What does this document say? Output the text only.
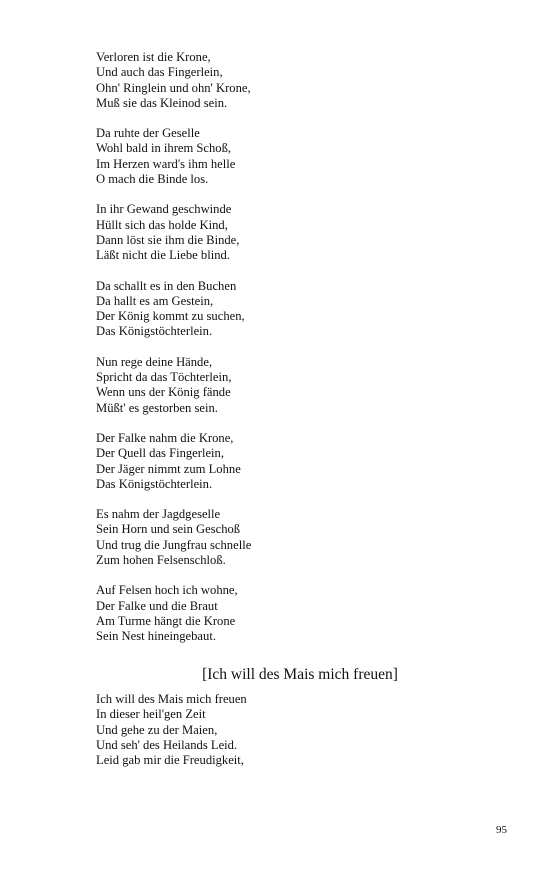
Verloren ist die Krone,
Und auch das Fingerlein,
Ohn' Ringlein und ohn' Krone,
Muß sie das Kleinod sein.
Da ruhte der Geselle
Wohl bald in ihrem Schoß,
Im Herzen ward's ihm helle
O mach die Binde los.
In ihr Gewand geschwinde
Hüllt sich das holde Kind,
Dann löst sie ihm die Binde,
Läßt nicht die Liebe blind.
Da schallt es in den Buchen
Da hallt es am Gestein,
Der König kommt zu suchen,
Das Königstöchterlein.
Nun rege deine Hände,
Spricht da das Töchterlein,
Wenn uns der König fände
Müßt' es gestorben sein.
Der Falke nahm die Krone,
Der Quell das Fingerlein,
Der Jäger nimmt zum Lohne
Das Königstöchterlein.
Es nahm der Jagdgeselle
Sein Horn und sein Geschoß
Und trug die Jungfrau schnelle
Zum hohen Felsenschloß.
Auf Felsen hoch ich wohne,
Der Falke und die Braut
Am Turme hängt die Krone
Sein Nest hineingebaut.
[Ich will des Mais mich freuen]
Ich will des Mais mich freuen
In dieser heil'gen Zeit
Und gehe zu der Maien,
Und seh' des Heilands Leid.
Leid gab mir die Freudigkeit,
95
